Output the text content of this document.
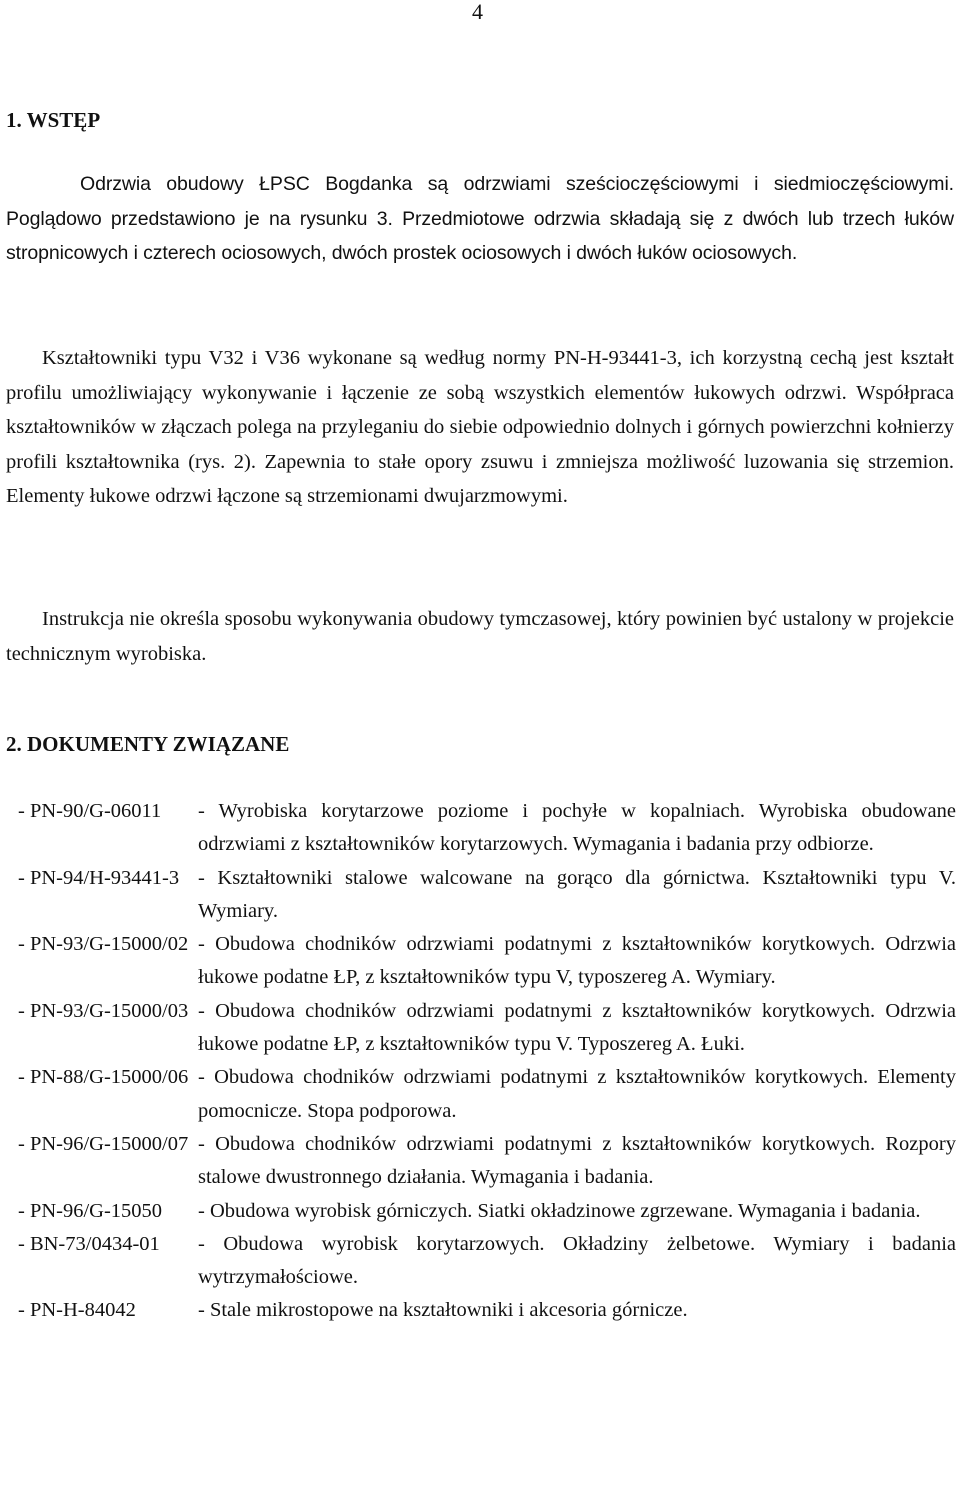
4
1. WSTĘP
Odrzwia obudowy ŁPSC Bogdanka są odrzwiami sześcioczęściowymi i siedmioczęściowymi. Poglądowo przedstawiono je na rysunku 3. Przedmiotowe odrzwia składają się z dwóch lub trzech łuków stropnicowych i czterech ociosowych, dwóch prostek ociosowych i dwóch łuków ociosowych.
Kształtowniki typu V32 i V36 wykonane są według normy PN-H-93441-3, ich korzystną cechą jest kształt profilu umożliwiający wykonywanie i łączenie ze sobą wszystkich elementów łukowych odrzwi. Współpraca kształtowników w złączach polega na przyleganiu do siebie odpowiednio dolnych i górnych powierzchni kołnierzy profili kształtownika (rys. 2). Zapewnia to stałe opory zsuwu i zmniejsza możliwość luzowania się strzemion. Elementy łukowe odrzwi łączone są strzemionami dwujarzmowymi.
Instrukcja nie określa sposobu wykonywania obudowy tymczasowej, który powinien być ustalony w projekcie technicznym wyrobiska.
2. DOKUMENTY ZWIĄZANE
- PN-90/G-06011	- Wyrobiska korytarzowe poziome i pochyłe w kopalniach. Wyrobiska obudowane odrzwiami z kształtowników korytarzowych. Wymagania i badania przy odbiorze.
- PN-94/H-93441-3 - Kształtowniki stalowe walcowane na gorąco dla górnictwa. Kształtowniki typu V. Wymiary.
- PN-93/G-15000/02 - Obudowa chodników odrzwiami podatnymi z kształtowników korytkowych. Odrzwia łukowe podatne ŁP, z kształtowników typu V, typoszereg A. Wymiary.
- PN-93/G-15000/03 - Obudowa chodników odrzwiami podatnymi z kształtowników korytkowych. Odrzwia łukowe podatne ŁP, z kształtowników typu V. Typoszereg A. Łuki.
- PN-88/G-15000/06 - Obudowa chodników odrzwiami podatnymi z kształtowników korytkowych. Elementy pomocnicze. Stopa podporowa.
- PN-96/G-15000/07 - Obudowa chodników odrzwiami podatnymi z kształtowników korytkowych. Rozpory stalowe dwustronnego działania. Wymagania i badania.
- PN-96/G-15050	- Obudowa wyrobisk górniczych. Siatki okładzinowe zgrzewane. Wymagania i badania.
- BN-73/0434-01	- Obudowa wyrobisk korytarzowych. Okładziny żelbetowe. Wymiary i badania wytrzymałościowe.
- PN-H-84042	- Stale mikrostopowe na kształtowniki i akcesoria górnicze.
